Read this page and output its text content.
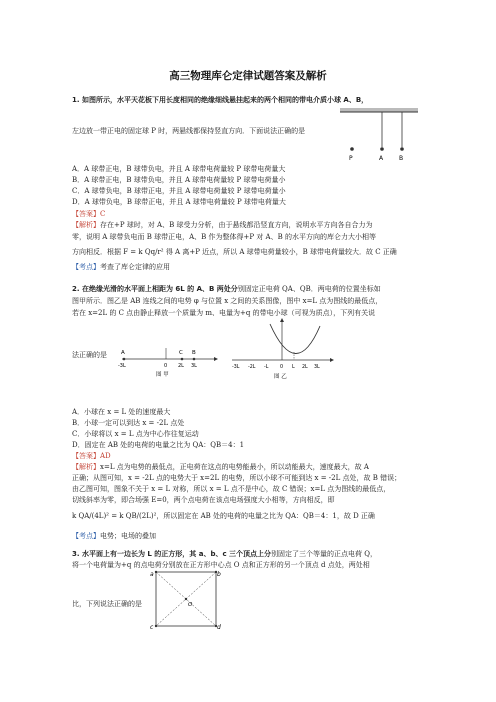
高三物理库仑定律试题答案及解析
1. 如图所示，水平天花板下用长度相同的绝缘细线悬挂起来的两个相同的带电介质小球 A、B，
左边放一带正电的固定球 P 时，两悬线都保持竖直方向．下面说法正确的是
P	A	B
A．A 球带正电，B 球带负电，并且 A 球带电荷量较 P 球带电荷量大
B．A 球带正电，B 球带负电，并且 A 球带电荷量较 P 球带电荷量小
C．A 球带负电，B 球带正电，并且 A 球带电荷量较 P 球带电荷量小
D．A 球带负电，B 球带正电，并且 A 球带电荷量较 P 球带电荷量大
【答案】C
【解析】存在+P 球时，对 A、B 球受力分析，由于悬线都沿竖直方向，说明水平方向各自合力为
零，说明 A 球带负电而 B 球带正电，A、B 作为整体得+P 对 A、B 的水平方向的库仑力大小相等
方向相反．根据 F = k Qq/r² 得 A 离+P 近点，所以 A 球带电荷量较小，B 球带电荷量较大．故 C 正确
【考点】考查了库仑定律的应用
2. 在绝缘光滑的水平面上相距为 6L 的 A、B 两处分别固定正电荷 QA、QB．两电荷的位置坐标如
图甲所示．图乙是 AB 连线之间的电势 φ 与位置 x 之间的关系图像，图中 x=L 点为图线的最低点，
若在 x=2L 的 C 点由静止释放一个质量为 m、电量为+q 的带电小球（可视为质点），下列有关说
法正确的是	A	C B
-3L	0 2L 3L
图 甲
-3L -2L -L 0 L 2L 3L
图 乙
A．小球在 x = L 处的速度最大
B．小球一定可以到达 x = -2L 点处
C．小球将以 x = L 点为中心作往复运动
D．固定在 AB 处的电荷的电量之比为 QA：QB＝4：1
【答案】AD
【解析】x=L 点为电势的最低点，正电荷在这点的电势能最小，所以动能最大，速度最大，故 A
正确；从图可知，x = -2L 点的电势大于 x=2L 的电势，所以小球不可能到达 x = -2L 点处，故 B 错误；
由乙图可知，图象不关于 x = L 对称，所以 x = L 点不是中心，故 C 错误；x=L 点为图线的最低点，
切线斜率为零，即合场强 E=0，两个点电荷在该点电场强度大小相等，方向相反，即
k QA/(4L)² = k QB/(2L)²，所以固定在 AB 处的电荷的电量之比为 QA：QB＝4：1，故 D 正确
【考点】电势；电场的叠加
3. 水平面上有一边长为 L 的正方形，其 a、b、c 三个顶点上分别固定了三个等量的正点电荷 Q，
将一个电荷量为+q 的点电荷分别放在正方形中心点 O 点和正方形的另一个顶点 d 点处，两处相
比，下列说法正确的是
a	b
c	d
O
